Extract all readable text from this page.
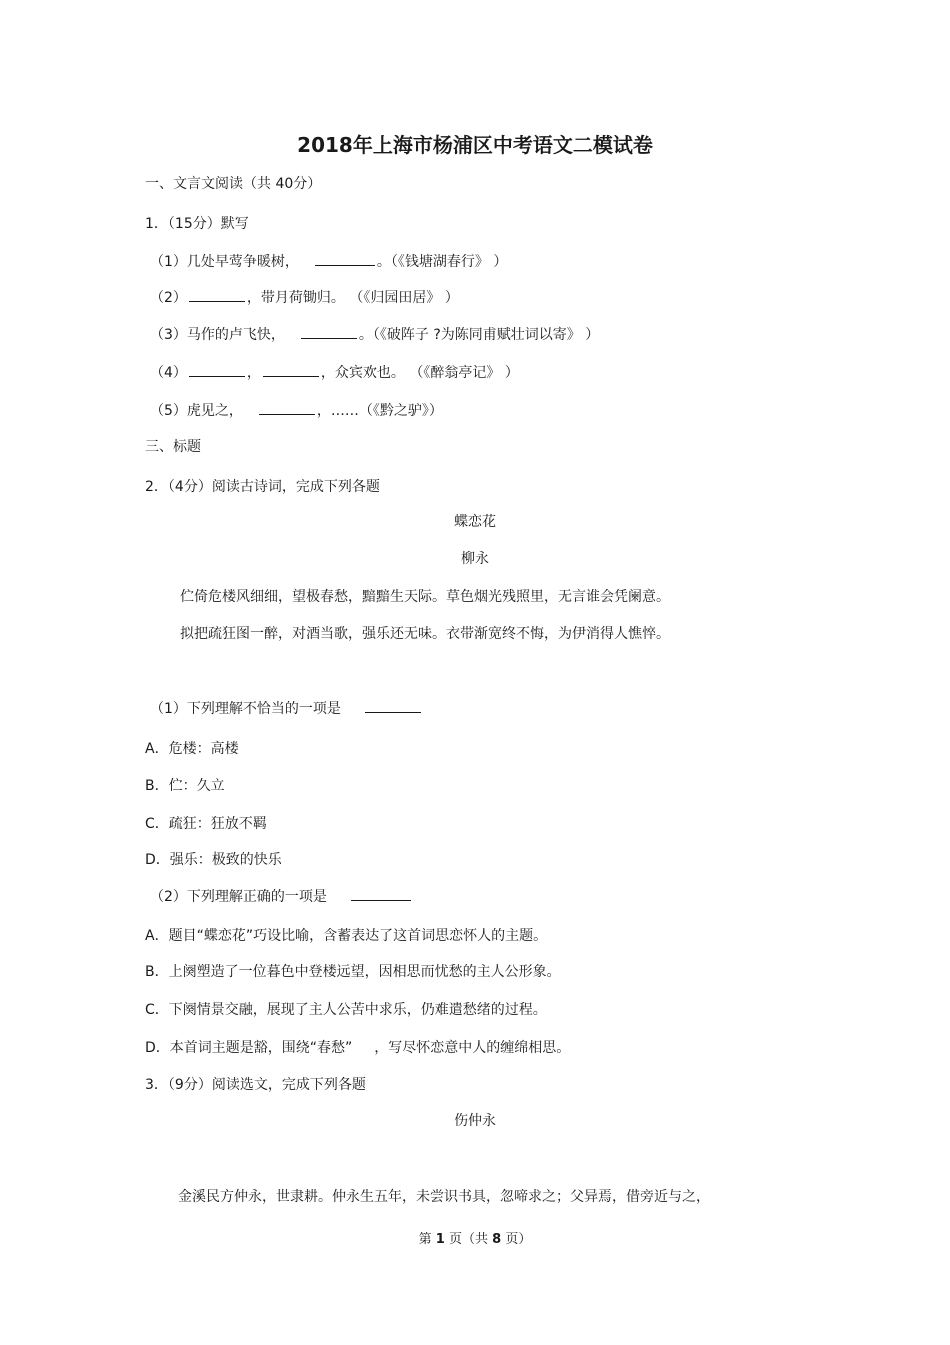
2018年上海市杨浦区中考语文二模试卷
一、文言文阅读（共 40分）
1．（15分）默写
（1）几处早莺争暖树，	。（《钱塘湖春行》 ）
（2）	，带月荷锄归。 （《归园田居》 ）
（3）马作的卢飞快，	。（《破阵子 ?为陈同甫赋壮词以寄》 ）
（4）	，	，众宾欢也。 （《醉翁亭记》 ）
（5）虎见之，	，……（《黔之驴》）
三、标题
2．（4分）阅读古诗词，完成下列各题
蝶恋花
柳永
伫倚危楼风细细，望极春愁，黯黯生天际。草色烟光残照里，无言谁会凭阑意。
拟把疏狂图一醉，对酒当歌，强乐还无味。衣带渐宽终不悔，为伊消得人憔悴。
（1）下列理解不恰当的一项是
A．危楼：高楼
B．伫：久立
C．疏狂：狂放不羁
D．强乐：极致的快乐
（2）下列理解正确的一项是
A．题目“蝶恋花”巧设比喻，含蓄表达了这首词思恋怀人的主题。
B．上阕塑造了一位暮色中登楼远望，因相思而忧愁的主人公形象。
C．下阕情景交融，展现了主人公苦中求乐，仍难遣愁绪的过程。
D．本首词主题是豁，围绕“春愁” ，写尽怀恋意中人的缠绵相思。
3．（9分）阅读选文，完成下列各题
伤仲永
金溪民方仲永，世隶耕。仲永生五年，未尝识书具，忽啼求之；父异焉，借旁近与之，
第 1 页（共 8 页）
